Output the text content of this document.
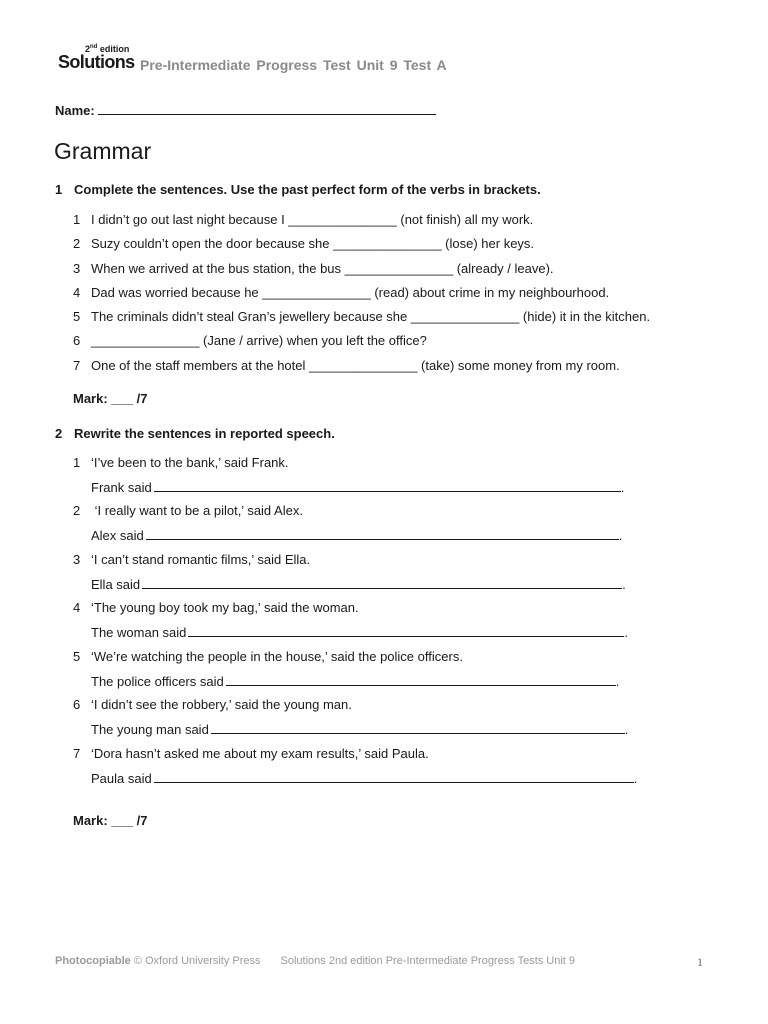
2nd edition
Solutions Pre-Intermediate Progress Test Unit 9 Test A
Name:
Grammar
1 Complete the sentences. Use the past perfect form of the verbs in brackets.
1 I didn’t go out last night because I _______________ (not finish) all my work.
2 Suzy couldn’t open the door because she _______________ (lose) her keys.
3 When we arrived at the bus station, the bus _______________ (already / leave).
4 Dad was worried because he _______________ (read) about crime in my neighbourhood.
5 The criminals didn’t steal Gran’s jewellery because she _______________ (hide) it in the kitchen.
6 _______________ (Jane / arrive) when you left the office?
7 One of the staff members at the hotel _______________ (take) some money from my room.
Mark: ___ /7
2 Rewrite the sentences in reported speech.
1 ‘I’ve been to the bank,’ said Frank.
Frank said	.
2 ‘I really want to be a pilot,’ said Alex.
Alex said	.
3 ‘I can’t stand romantic films,’ said Ella.
Ella said	.
4 ‘The young boy took my bag,’ said the woman.
The woman said	.
5 ‘We’re watching the people in the house,’ said the police officers.
The police officers said	.
6 ‘I didn’t see the robbery,’ said the young man.
The young man said	.
7 ‘Dora hasn’t asked me about my exam results,’ said Paula.
Paula said	.
Mark: ___ /7
Photocopiable © Oxford University Press Solutions 2nd edition Pre-Intermediate Progress Tests Unit 9	1
